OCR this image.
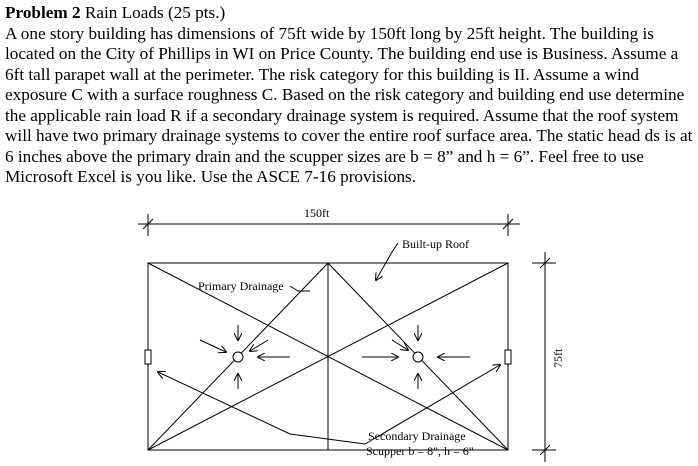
Problem 2 Rain Loads (25 pts.)
A one story building has dimensions of 75ft wide by 150ft long by 25ft height. The building is located on the City of Phillips in WI on Price County. The building end use is Business. Assume a 6ft tall parapet wall at the perimeter. The risk category for this building is II. Assume a wind exposure C with a surface roughness C. Based on the risk category and building end use determine the applicable rain load R if a secondary drainage system is required. Assume that the roof system will have two primary drainage systems to cover the entire roof surface area. The static head ds is at 6 inches above the primary drain and the scupper sizes are b = 8” and h = 6”. Feel free to use Microsoft Excel is you like. Use the ASCE 7-16 provisions.

150ft
Built-up Roof
Primary Drainage
Secondary Drainage
Scupper b = 8", h = 6"
75ft
